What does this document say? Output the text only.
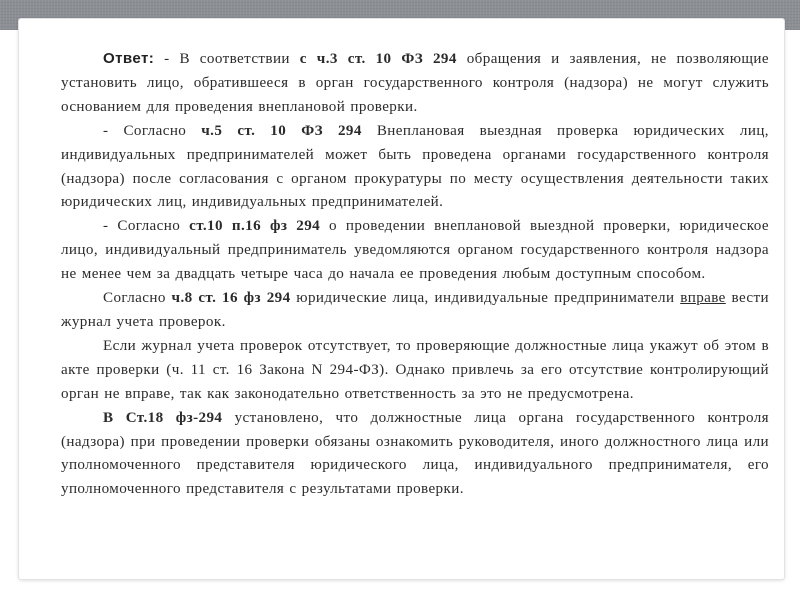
Ответ: - В соответствии с ч.3 ст. 10 ФЗ 294 обращения и заявления, не позволяющие установить лицо, обратившееся в орган государственного контроля (надзора) не могут служить основанием для проведения внеплановой проверки.

- Согласно ч.5 ст. 10 ФЗ 294 Внеплановая выездная проверка юридических лиц, индивидуальных предпринимателей может быть проведена органами государственного контроля (надзора) после согласования с органом прокуратуры по месту осуществления деятельности таких юридических лиц, индивидуальных предпринимателей.

- Согласно ст.10 п.16 фз 294 о проведении внеплановой выездной проверки, юридическое лицо, индивидуальный предприниматель уведомляются органом государственного контроля надзора не менее чем за двадцать четыре часа до начала ее проведения любым доступным способом.

Согласно ч.8 ст. 16 фз 294 юридические лица, индивидуальные предприниматели вправе вести журнал учета проверок.

Если журнал учета проверок отсутствует, то проверяющие должностные лица укажут об этом в акте проверки (ч. 11 ст. 16 Закона N 294-ФЗ). Однако привлечь за его отсутствие контролирующий орган не вправе, так как законодательно ответственность за это не предусмотрена.

В Ст.18 фз-294 установлено, что должностные лица органа государственного контроля (надзора) при проведении проверки обязаны ознакомить руководителя, иного должностного лица или уполномоченного представителя юридического лица, индивидуального предпринимателя, его уполномоченного представителя с результатами проверки.
